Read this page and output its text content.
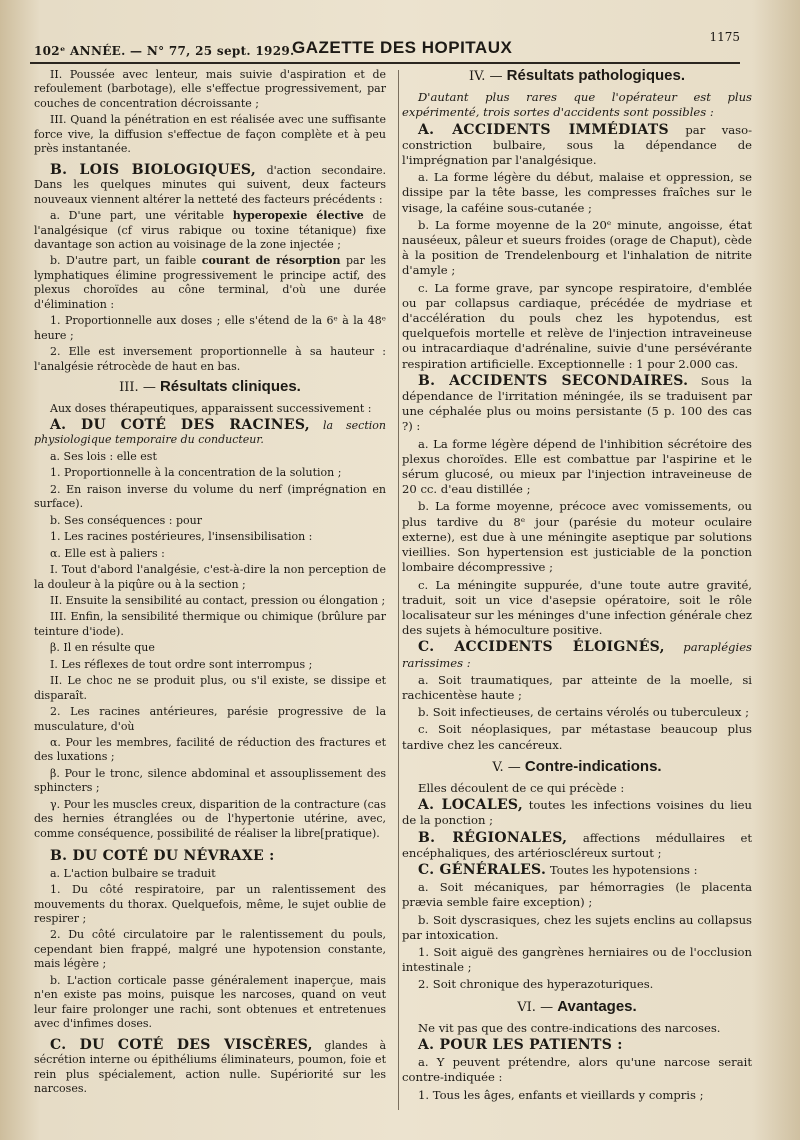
102ᵉ ANNÉE. — N° 77, 25 sept. 1929.
GAZETTE DES HOPITAUX
1175

II. Poussée avec lenteur, mais suivie d'aspiration et de refoulement (barbotage), elle s'effectue progressivement, par couches de concentration décroissante ;

III. Quand la pénétration en est réalisée avec une suffisante force vive, la diffusion s'effectue de façon complète et à peu près instantanée.

B. LOIS BIOLOGIQUES, d'action secondaire. Dans les quelques minutes qui suivent, deux facteurs nouveaux viennent altérer la netteté des facteurs précédents :

a. D'une part, une véritable hyperopexie élective de l'analgésique (cf virus rabique ou toxine tétanique) fixe davantage son action au voisinage de la zone injectée ;

b. D'autre part, un faible courant de résorption par les lymphatiques élimine progressivement le principe actif, des plexus choroïdes au cône terminal, d'où une durée d'élimination :

1. Proportionnelle aux doses ; elle s'étend de la 6ᵉ à la 48ᵉ heure ;

2. Elle est inversement proportionnelle à sa hauteur : l'analgésie rétrocède de haut en bas.

III. — Résultats cliniques.

Aux doses thérapeutiques, apparaissent successivement :

A. DU COTÉ DES RACINES, la section physiologique temporaire du conducteur.

a. Ses lois : elle est

1. Proportionnelle à la concentration de la solution ;

2. En raison inverse du volume du nerf (imprégnation en surface).

b. Ses conséquences : pour

1. Les racines postérieures, l'insensibilisation :

α. Elle est à paliers :

I. Tout d'abord l'analgésie, c'est-à-dire la non perception de la douleur à la piqûre ou à la section ;

II. Ensuite la sensibilité au contact, pression ou élongation ;

III. Enfin, la sensibilité thermique ou chimique (brûlure par teinture d'iode).

β. Il en résulte que

I. Les réflexes de tout ordre sont interrompus ;

II. Le choc ne se produit plus, ou s'il existe, se dissipe et disparaît.

2. Les racines antérieures, parésie progressive de la musculature, d'où

α. Pour les membres, facilité de réduction des fractures et des luxations ;

β. Pour le tronc, silence abdominal et assouplissement des sphincters ;

γ. Pour les muscles creux, disparition de la contracture (cas des hernies étranglées ou de l'hypertonie utérine, avec, comme conséquence, possibilité de réaliser la libre[pratique).

B. DU COTÉ DU NÉVRAXE :

a. L'action bulbaire se traduit

1. Du côté respiratoire, par un ralentissement des mouvements du thorax. Quelquefois, même, le sujet oublie de respirer ;

2. Du côté circulatoire par le ralentissement du pouls, cependant bien frappé, malgré une hypotension constante, mais légère ;

b. L'action corticale passe généralement inaperçue, mais n'en existe pas moins, puisque les narcoses, quand on veut leur faire prolonger une rachi, sont obtenues et entretenues avec d'infimes doses.

C. DU COTÉ DES VISCÈRES, glandes à sécrétion interne ou épithéliums éliminateurs, poumon, foie et rein plus spécialement, action nulle. Supériorité sur les narcoses.

IV. — Résultats pathologiques.

D'autant plus rares que l'opérateur est plus expérimenté, trois sortes d'accidents sont possibles :

A. ACCIDENTS IMMÉDIATS par vaso-constriction bulbaire, sous la dépendance de l'imprégnation par l'analgésique.

a. La forme légère du début, malaise et oppression, se dissipe par la tête basse, les compresses fraîches sur le visage, la caféine sous-cutanée ;

b. La forme moyenne de la 20ᵉ minute, angoisse, état nauséeux, pâleur et sueurs froides (orage de Chaput), cède à la position de Trendelenbourg et l'inhalation de nitrite d'amyle ;

c. La forme grave, par syncope respiratoire, d'emblée ou par collapsus cardiaque, précédée de mydriase et d'accélération du pouls chez les hypotendus, est quelquefois mortelle et relève de l'injection intraveineuse ou intracardiaque d'adrénaline, suivie d'une persévérante respiration artificielle. Exceptionnelle : 1 pour 2.000 cas.

B. ACCIDENTS SECONDAIRES. Sous la dépendance de l'irritation méningée, ils se traduisent par une céphalée plus ou moins persistante (5 p. 100 des cas ?) :

a. La forme légère dépend de l'inhibition sécrétoire des plexus choroïdes. Elle est combattue par l'aspirine et le sérum glucosé, ou mieux par l'injection intraveineuse de 20 cc. d'eau distillée ;

b. La forme moyenne, précoce avec vomissements, ou plus tardive du 8ᵉ jour (parésie du moteur oculaire externe), est due à une méningite aseptique par solutions vieillies. Son hypertension est justiciable de la ponction lombaire décompressive ;

c. La méningite suppurée, d'une toute autre gravité, traduit, soit un vice d'asepsie opératoire, soit le rôle localisateur sur les méninges d'une infection générale chez des sujets à hémoculture positive.

C. ACCIDENTS ÉLOIGNÉS, paraplégies rarissimes :

a. Soit traumatiques, par atteinte de la moelle, si rachicentèse haute ;

b. Soit infectieuses, de certains vérolés ou tuberculeux ;

c. Soit néoplasiques, par métastase beaucoup plus tardive chez les cancéreux.

V. — Contre-indications.

Elles découlent de ce qui précède :

A. LOCALES, toutes les infections voisines du lieu de la ponction ;

B. RÉGIONALES, affections médullaires et encéphaliques, des artérioscléreux surtout ;

C. GÉNÉRALES. Toutes les hypotensions :

a. Soit mécaniques, par hémorragies (le placenta prævia semble faire exception) ;

b. Soit dyscrasiques, chez les sujets enclins au collapsus par intoxication.

1. Soit aiguë des gangrènes herniaires ou de l'occlusion intestinale ;

2. Soit chronique des hyperazoturiques.

VI. — Avantages.

Ne vit pas que des contre-indications des narcoses.

A. POUR LES PATIENTS :

a. Y peuvent prétendre, alors qu'une narcose serait contre-indiquée :

1. Tous les âges, enfants et vieillards y compris ;
